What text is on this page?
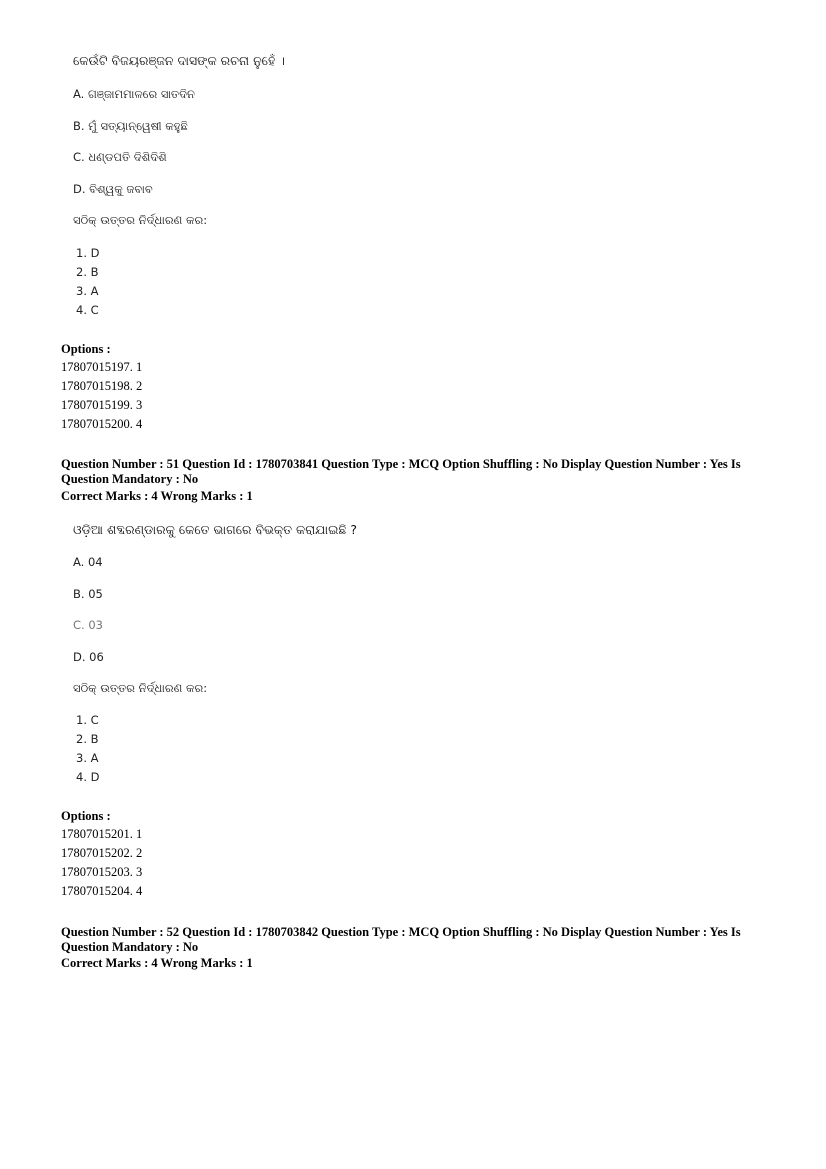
କେଉଁଟି ବିଜୟରଞ୍ଜନ ଦାସଙ୍କ ରଚନା ନୁହେଁ ।
A. ଗଞ୍ଜାମମାଳରେ ସାତଦିନ
B. ମୁଁ ସତ୍ୟାନ୍ୱେଷୀ କହୁଛି
C. ଧଣ୍ଡପତି ଦିଶିଦିଶି
D. ବିଶ୍ୱକୁ ଜବାବ
ସଠିକ୍ ଉତ୍ତର ନିର୍ଦ୍ଧାରଣ କର:
1. D
2. B
3. A
4. C
Options :
17807015197. 1
17807015198. 2
17807015199. 3
17807015200. 4
Question Number : 51 Question Id : 1780703841 Question Type : MCQ Option Shuffling : No Display Question Number : Yes Is
Question Mandatory : No
Correct Marks : 4 Wrong Marks : 1
ଓଡ଼ିଆ ଶବ୍ଦରଣ୍ଡାରକୁ କେତେ ଭାଗରେ ବିଭକ୍ତ କରାଯାଇଛି ?
A. 04
B. 05
C. 03
D. 06
ସଠିକ୍ ଉତ୍ତର ନିର୍ଦ୍ଧାରଣ କର:
1. C
2. B
3. A
4. D
Options :
17807015201. 1
17807015202. 2
17807015203. 3
17807015204. 4
Question Number : 52 Question Id : 1780703842 Question Type : MCQ Option Shuffling : No Display Question Number : Yes Is
Question Mandatory : No
Correct Marks : 4 Wrong Marks : 1
